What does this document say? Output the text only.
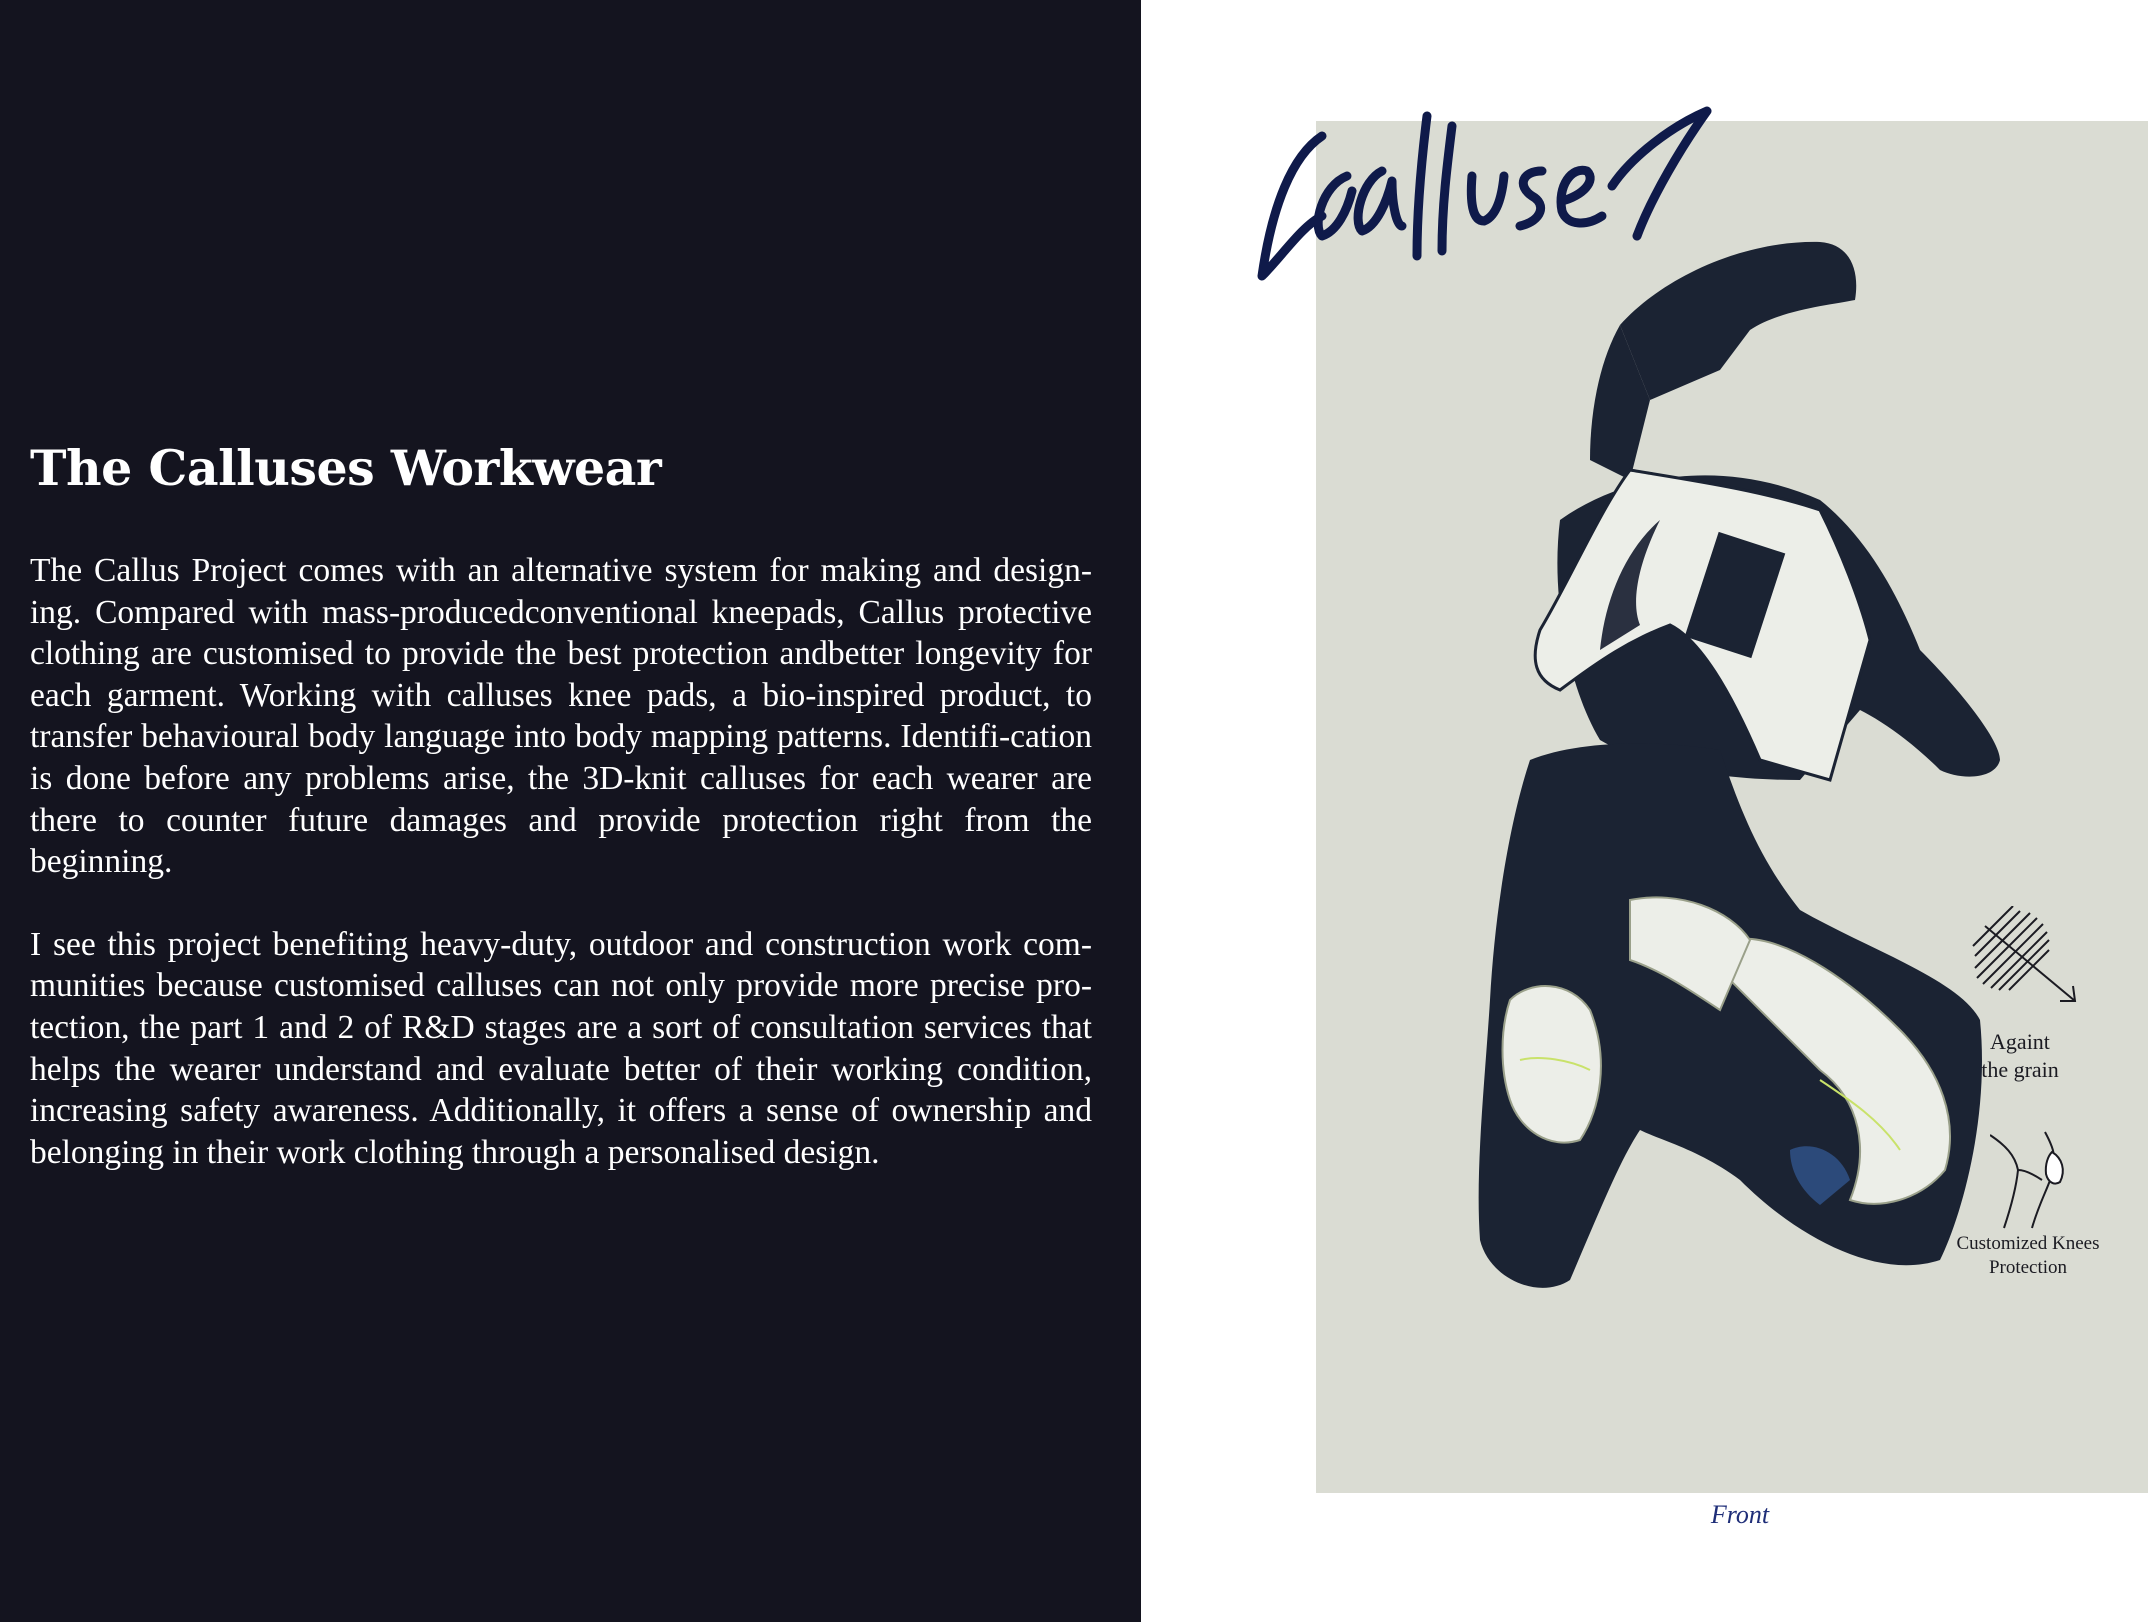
The Calluses Workwear

The Callus Project comes with an alternative system for making and design-ing. Compared with mass-producedconventional kneepads, Callus protective clothing are customised to provide the best protection andbetter longevity for each garment. Working with calluses knee pads, a bio-inspired product, to transfer behavioural body language into body mapping patterns. Identifi-cation is done before any problems arise, the 3D-knit calluses for each wearer are there to counter future damages and provide protection right from the beginning.

I see this project benefiting heavy-duty, outdoor and construction work com-munities because customised calluses can not only provide more precise pro-tection, the part 1 and 2 of R&D stages are a sort of consultation services that helps the wearer understand and evaluate better of their working condition, increasing safety awareness. Additionally, it offers a sense of ownership and belonging in their work clothing through a personalised design.

Againt
the grain
Customized Knees
Protection
Front
